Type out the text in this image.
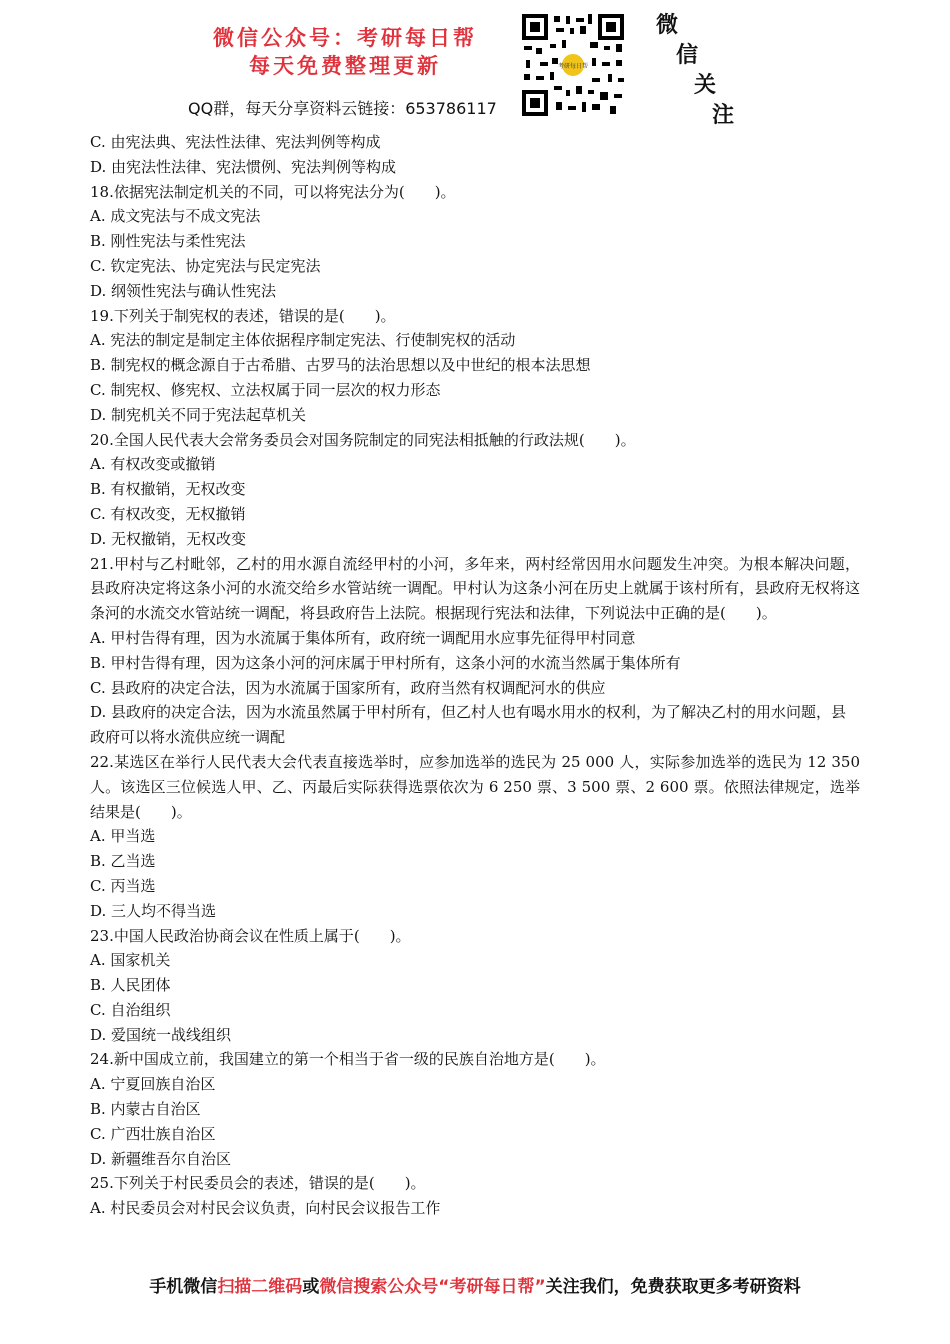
微信公众号：考研每日帮
每天免费整理更新
QQ群，每天分享资料云链接：653786117
考研每日帮
微
信
关
注
C. 由宪法典、宪法性法律、宪法判例等构成
D. 由宪法性法律、宪法惯例、宪法判例等构成
18.依据宪法制定机关的不同，可以将宪法分为(　　)。
A. 成文宪法与不成文宪法
B. 刚性宪法与柔性宪法
C. 钦定宪法、协定宪法与民定宪法
D. 纲领性宪法与确认性宪法
19.下列关于制宪权的表述，错误的是(　　)。
A. 宪法的制定是制定主体依据程序制定宪法、行使制宪权的活动
B. 制宪权的概念源自于古希腊、古罗马的法治思想以及中世纪的根本法思想
C. 制宪权、修宪权、立法权属于同一层次的权力形态
D. 制宪机关不同于宪法起草机关
20.全国人民代表大会常务委员会对国务院制定的同宪法相抵触的行政法规(　　)。
A. 有权改变或撤销
B. 有权撤销，无权改变
C. 有权改变，无权撤销
D. 无权撤销，无权改变
21.甲村与乙村毗邻，乙村的用水源自流经甲村的小河，多年来，两村经常因用水问题发生冲突。为根本解决问题，县政府决定将这条小河的水流交给乡水管站统一调配。甲村认为这条小河在历史上就属于该村所有，县政府无权将这条河的水流交水管站统一调配，将县政府告上法院。根据现行宪法和法律，下列说法中正确的是(　　)。
A. 甲村告得有理，因为水流属于集体所有，政府统一调配用水应事先征得甲村同意
B. 甲村告得有理，因为这条小河的河床属于甲村所有，这条小河的水流当然属于集体所有
C. 县政府的决定合法，因为水流属于国家所有，政府当然有权调配河水的供应
D. 县政府的决定合法，因为水流虽然属于甲村所有，但乙村人也有喝水用水的权利，为了解决乙村的用水问题，县政府可以将水流供应统一调配
22.某选区在举行人民代表大会代表直接选举时，应参加选举的选民为 25 000 人，实际参加选举的选民为 12 350 人。该选区三位候选人甲、乙、丙最后实际获得选票依次为 6 250 票、3 500 票、2 600 票。依照法律规定，选举结果是(　　)。
A. 甲当选
B. 乙当选
C. 丙当选
D. 三人均不得当选
23.中国人民政治协商会议在性质上属于(　　)。
A. 国家机关
B. 人民团体
C. 自治组织
D. 爱国统一战线组织
24.新中国成立前，我国建立的第一个相当于省一级的民族自治地方是(　　)。
A. 宁夏回族自治区
B. 内蒙古自治区
C. 广西壮族自治区
D. 新疆维吾尔自治区
25.下列关于村民委员会的表述，错误的是(　　)。
A. 村民委员会对村民会议负责，向村民会议报告工作
手机微信扫描二维码或微信搜索公众号“考研每日帮”关注我们，免费获取更多考研资料
